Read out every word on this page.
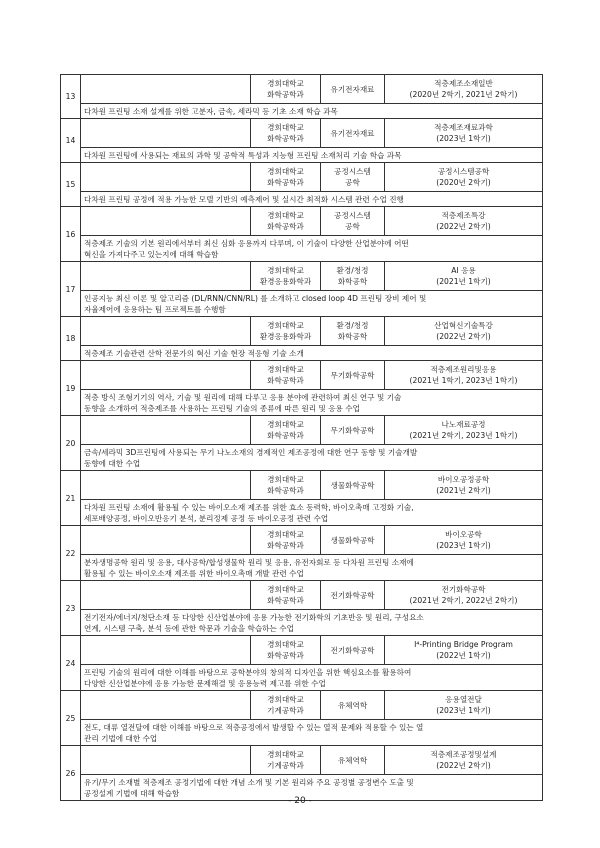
13		경희대학교
화학공학과	유기전자재료	적층제조소재일반
(2020년 2학기, 2021년 2학기)

	다차원 프린팅 소재 설계를 위한 고분자, 금속, 세라믹 등 기초 소재 학습 과목			

14		경희대학교
화학공학과	유기전자재료	적층제조재료과학
(2023년 1학기)

	다차원 프린팅에 사용되는 재료의 과학 및 공학적 특성과 지능형 프린팅 소재처리 기술 학습 과목			

15		경희대학교
화학공학과	공정시스템
공학	공정시스템공학
(2020년 2학기)

	다차원 프린팅 공정에 적용 가능한 모델 기반의 예측제어 및 실시간 최적화 시스템 관련 수업 진행			

16		경희대학교
화학공학과	공정시스템
공학	적층제조특강
(2022년 2학기)

	적층제조 기술의 기본 원리에서부터 최신 심화 응용까지 다루며, 이 기술이 다양한 산업분야에 어떤
혁신을 가져다주고 있는지에 대해 학습함			

17		경희대학교
환경응용화학과	환경/청정
화학공학	AI 응용
(2021년 1학기)

	인공지능 최신 이론 및 알고리즘 (DL/RNN/CNN/RL) 를 소개하고 closed loop 4D 프린팅 장비 제어 및
자율제어에 응용하는 팀 프로젝트를 수행함			

18		경희대학교
환경응용화학과	환경/청정
화학공학	산업혁신기술특강
(2022년 2학기)

	적층제조 기술관련 산학 전문가의 혁신 기술 현장 적응형 기술 소개			

19		경희대학교
화학공학과	무기화학공학	적층제조원리및응용
(2021년 1학기, 2023년 1학기)

	적층 방식 조형기기의 역사, 기술 및 원리에 대해 다루고 응용 분야에 관련하여 최신 연구 및 기술
동향을 소개하여 적층제조를 사용하는 프린팅 기술의 종류에 따른 원리 및 응용 수업			

20		경희대학교
화학공학과	무기화학공학	나노재료공정
(2021년 2학기, 2023년 1학기)

	금속/세라믹 3D프린팅에 사용되는 무기 나노소재의 경제적인 제조공정에 대한 연구 동향 및 기술개발
동향에 대한 수업			

21		경희대학교
화학공학과	생물화학공학	바이오공정공학
(2021년 2학기)

	다차원 프린팅 소재에 활용될 수 있는 바이오소재 제조를 위한 효소 동력학, 바이오촉매 고정화 기술,
세포배양공정, 바이오반응기 분석, 분리정제 공정 등 바이오공정 관련 수업			

22		경희대학교
화학공학과	생물화학공학	바이오공학
(2023년 1학기)

	분자생명공학 원리 및 응용, 대사공학/합성생물학 원리 및 응용, 유전자회로 등 다차원 프린팅 소재에
활용될 수 있는 바이오소재 제조를 위한 바이오촉매 개발 관련 수업			

23		경희대학교
화학공학과	전기화학공학	전기화학공학
(2021년 2학기, 2022년 2학기)

	전기전자/에너지/청단소재 등 다양한 신산업분야에 응용 가능한 전기화학의 기초반응 및 원리, 구성요소
연계, 시스템 구축, 분석 등에 관한 학문과 기술을 학습하는 수업			

24		경희대학교
화학공학과	전기화학공학	I⁴-Printing Bridge Program
(2022년 1학기)

	프린팅 기술의 원리에 대한 이해를 바탕으로 공학분야의 창의적 디자인을 위한 핵심요소를 활용하여
다양한 신산업분야에 응용 가능한 문제해결 및 응용능력 제고를 위한 수업			

25		경희대학교
기계공학과	유체역학	응용열전달
(2023년 1학기)

	전도, 대류 열전달에 대한 이해를 바탕으로 적층공정에서 발생할 수 있는 열적 문제와 적용할 수 있는 열
관리 기법에 대한 수업			

26		경희대학교
기계공학과	유체역학	적층제조공정및설계
(2022년 2학기)

	유기/무기 소재별 적층제조 공정기법에 대한 개념 소개 및 기본 원리와 주요 공정별 공정변수 도출 및
공정설계 기법에 대해 학습함			
- 20 -
